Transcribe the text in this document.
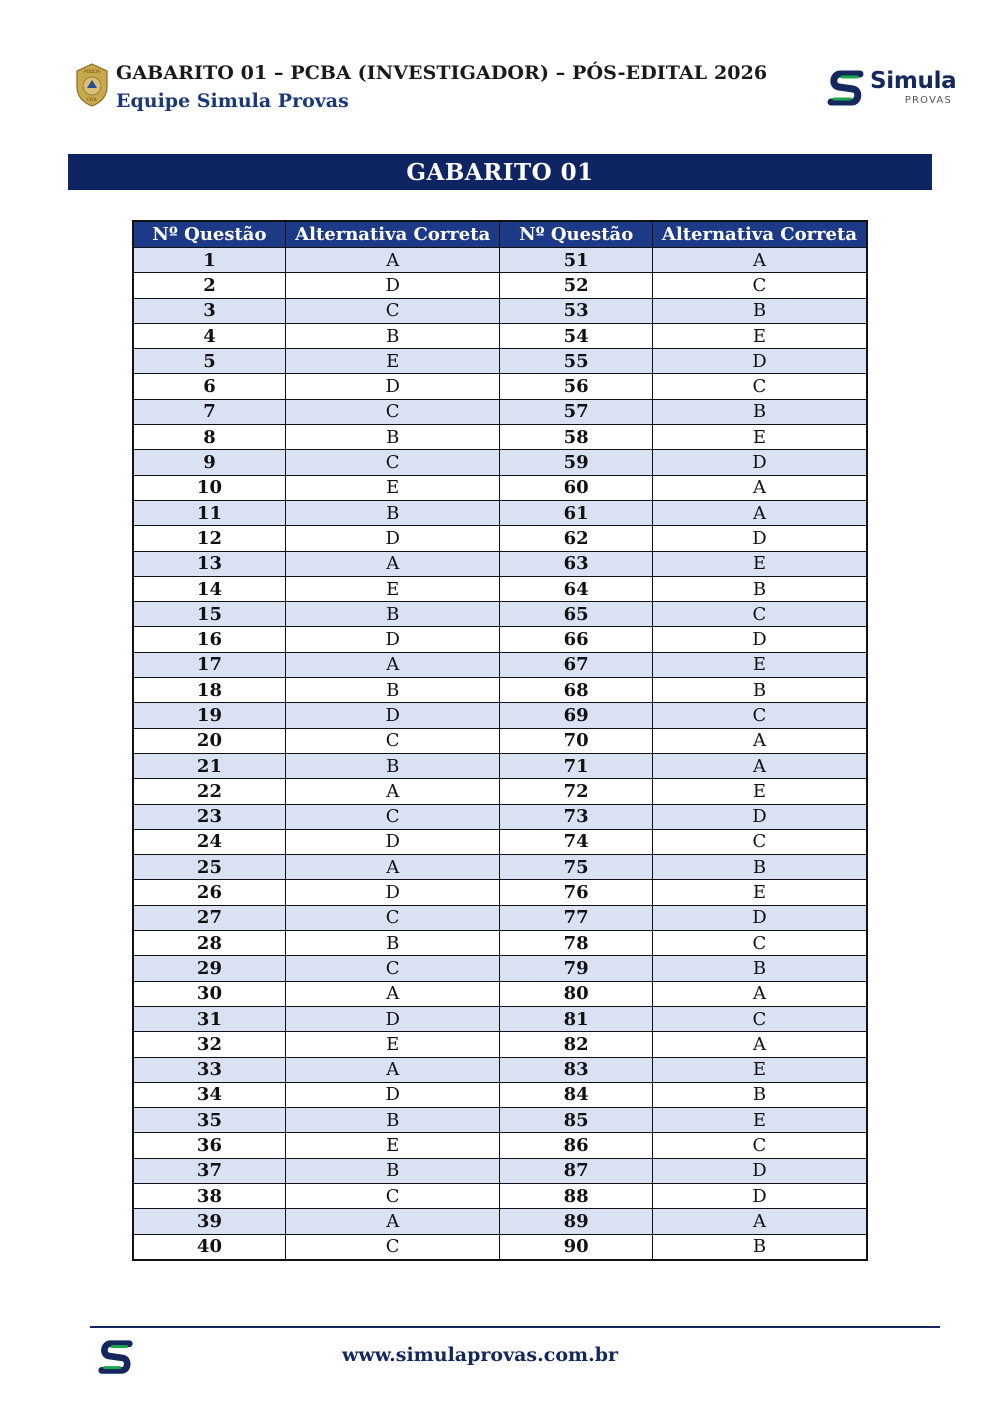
POLÍCIA
CIVIL
GABARITO 01 – PCBA (INVESTIGADOR) – PÓS-EDITAL 2026
Equipe Simula Provas
Simula
PROVAS
GABARITO 01
Nº Questão	Alternativa Correta	Nº Questão	Alternativa Correta
1	A	51	A
2	D	52	C
3	C	53	B
4	B	54	E
5	E	55	D
6	D	56	C
7	C	57	B
8	B	58	E
9	C	59	D
10	E	60	A
11	B	61	A
12	D	62	D
13	A	63	E
14	E	64	B
15	B	65	C
16	D	66	D
17	A	67	E
18	B	68	B
19	D	69	C
20	C	70	A
21	B	71	A
22	A	72	E
23	C	73	D
24	D	74	C
25	A	75	B
26	D	76	E
27	C	77	D
28	B	78	C
29	C	79	B
30	A	80	A
31	D	81	C
32	E	82	A
33	A	83	E
34	D	84	B
35	B	85	E
36	E	86	C
37	B	87	D
38	C	88	D
39	A	89	A
40	C	90	B
www.simulaprovas.com.br
